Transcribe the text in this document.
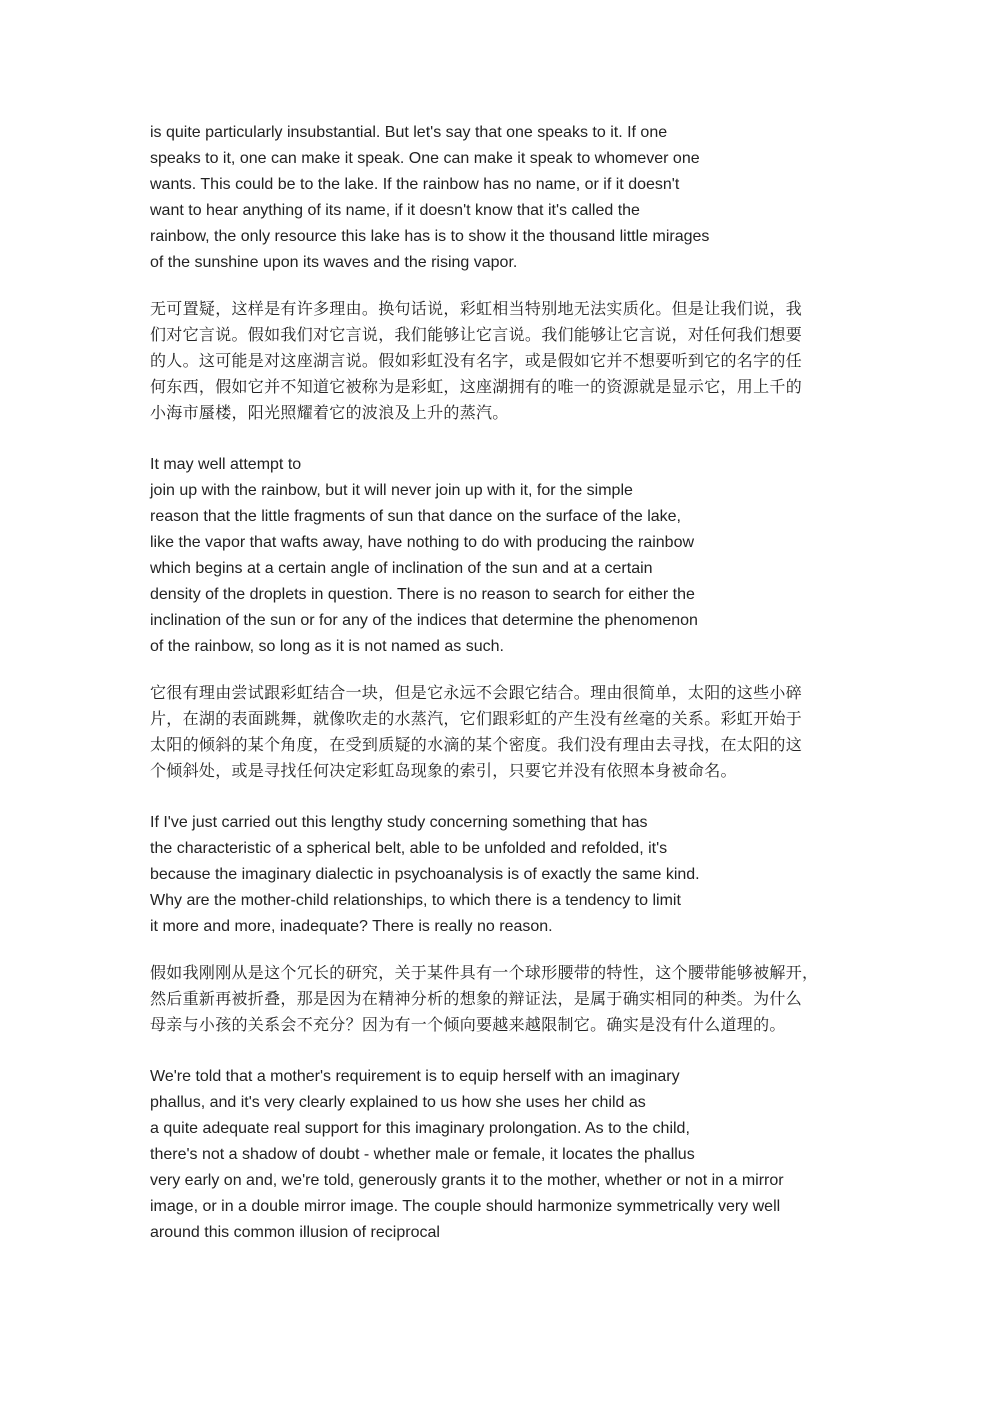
is quite particularly insubstantial. But let's say that one speaks to it. If one
speaks to it, one can make it speak. One can make it speak to whomever one
wants. This could be to the lake. If the rainbow has no name, or if it doesn't
want to hear anything of its name, if it doesn't know that it's called the
rainbow, the only resource this lake has is to show it the thousand little mirages
of the sunshine upon its waves and the rising vapor.

无可置疑，这样是有许多理由。换句话说，彩虹相当特别地无法实质化。但是让我们说，我
们对它言说。假如我们对它言说，我们能够让它言说。我们能够让它言说，对任何我们想要
的人。这可能是对这座湖言说。假如彩虹没有名字，或是假如它并不想要听到它的名字的任
何东西，假如它并不知道它被称为是彩虹，这座湖拥有的唯一的资源就是显示它，用上千的
小海市蜃楼，阳光照耀着它的波浪及上升的蒸汽。

It may well attempt to
join up with the rainbow, but it will never join up with it, for the simple
reason that the little fragments of sun that dance on the surface of the lake,
like the vapor that wafts away, have nothing to do with producing the rainbow
which begins at a certain angle of inclination of the sun and at a certain
density of the droplets in question. There is no reason to search for either the
inclination of the sun or for any of the indices that determine the phenomenon
of the rainbow, so long as it is not named as such.

它很有理由尝试跟彩虹结合一块，但是它永远不会跟它结合。理由很简单，太阳的这些小碎
片，在湖的表面跳舞，就像吹走的水蒸汽，它们跟彩虹的产生没有丝毫的关系。彩虹开始于
太阳的倾斜的某个角度，在受到质疑的水滴的某个密度。我们没有理由去寻找，在太阳的这
个倾斜处，或是寻找任何决定彩虹岛现象的索引，只要它并没有依照本身被命名。

If I've just carried out this lengthy study concerning something that has
the characteristic of a spherical belt, able to be unfolded and refolded, it's
because the imaginary dialectic in psychoanalysis is of exactly the same kind.
Why are the mother-child relationships, to which there is a tendency to limit
it more and more, inadequate? There is really no reason.

假如我刚刚从是这个冗长的研究，关于某件具有一个球形腰带的特性，这个腰带能够被解开，
然后重新再被折叠，那是因为在精神分析的想象的辩证法，是属于确实相同的种类。为什么
母亲与小孩的关系会不充分？因为有一个倾向要越来越限制它。确实是没有什么道理的。

We're told that a mother's requirement is to equip herself with an imaginary
phallus, and it's very clearly explained to us how she uses her child as
a quite adequate real support for this imaginary prolongation. As to the child,
there's not a shadow of doubt - whether male or female, it locates the phallus
very early on and, we're told, generously grants it to the mother, whether or not in a mirror
image, or in a double mirror image. The couple should harmonize symmetrically very well
around this common illusion of reciprocal
